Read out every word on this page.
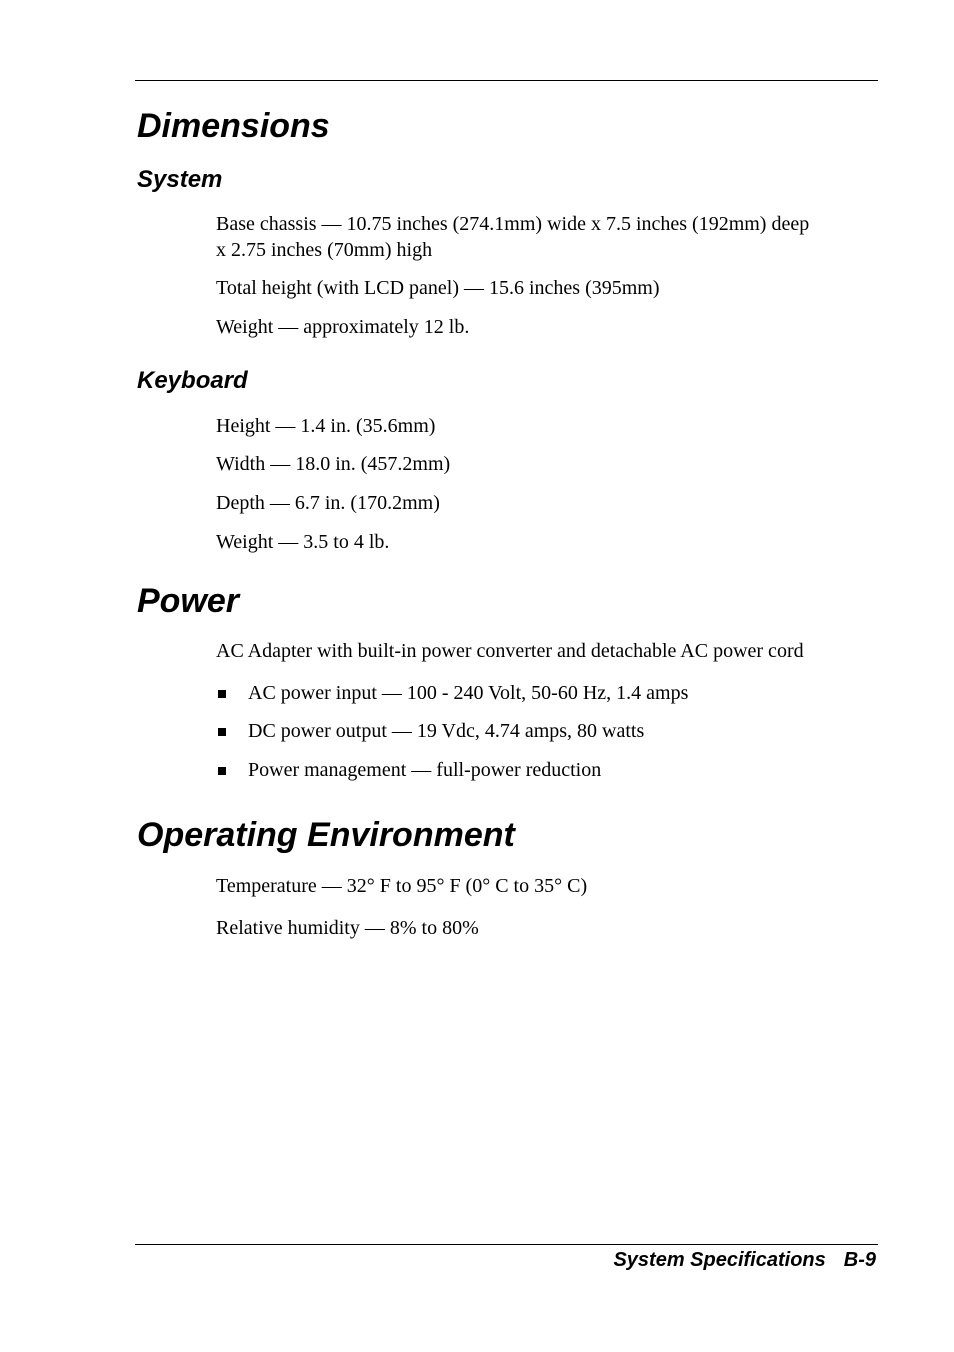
Dimensions
System

Base chassis — 10.75 inches (274.1mm) wide x 7.5 inches (192mm) deep

x 2.75 inches (70mm) high

Total height (with LCD panel) — 15.6 inches (395mm)

Weight — approximately 12 lb.

Keyboard

Height — 1.4 in. (35.6mm)

Width — 18.0 in. (457.2mm)

Depth — 6.7 in. (170.2mm)

Weight — 3.5 to 4 lb.

Power

AC Adapter with built-in power converter and detachable AC power cord

AC power input — 100 - 240 Volt, 50-60 Hz, 1.4 amps

DC power output — 19 Vdc, 4.74 amps, 80 watts

Power management — full-power reduction

Operating Environment

Temperature — 32° F to 95° F (0° C to 35° C)

Relative humidity — 8% to 80%

System Specifications B-9
